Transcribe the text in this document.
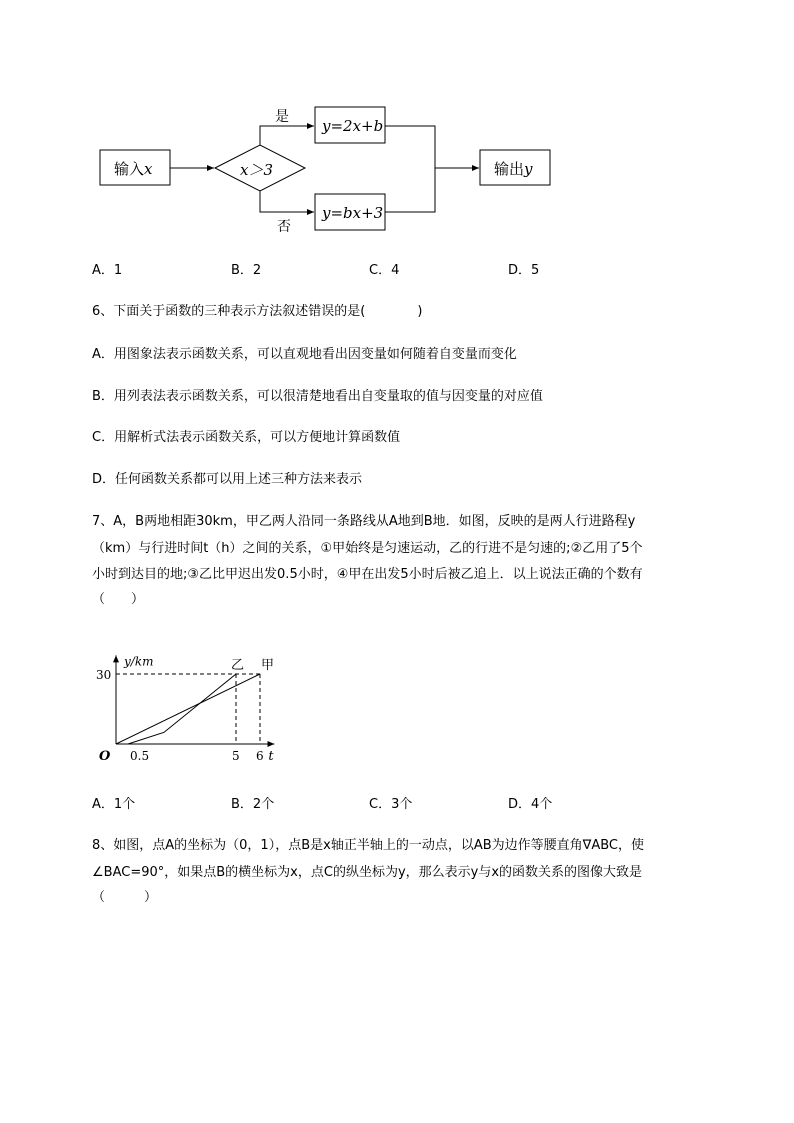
输入x	x＞3
是
否
y=2x+b
y=bx+3
输出y
A．1	B．2	C．4	D．5
6、下面关于函数的三种表示方法叙述错误的是(　　　　)
A．用图象法表示函数关系，可以直观地看出因变量如何随着自变量而变化
B．用列表法表示函数关系，可以很清楚地看出自变量取的值与因变量的对应值
C．用解析式法表示函数关系，可以方便地计算函数值
D．任何函数关系都可以用上述三种方法来表示
7、A，B两地相距30km，甲乙两人沿同一条路线从A地到B地．如图，反映的是两人行进路程y
（km）与行进时间t（h）之间的关系，①甲始终是匀速运动，乙的行进不是匀速的;②乙用了5个
小时到达目的地;③乙比甲迟出发0.5小时，④甲在出发5小时后被乙追上．以上说法正确的个数有
（　　）
乙 甲
0.5	5 6
30
O
y/km
t
A．1个	B．2个	C．3个	D．4个
8、如图，点A的坐标为（0，1），点B是x轴正半轴上的一动点，以AB为边作等腰直角∇ABC，使
∠BAC=90°，如果点B的横坐标为x，点C的纵坐标为y，那么表示y与x的函数关系的图像大致是
（　　　）
